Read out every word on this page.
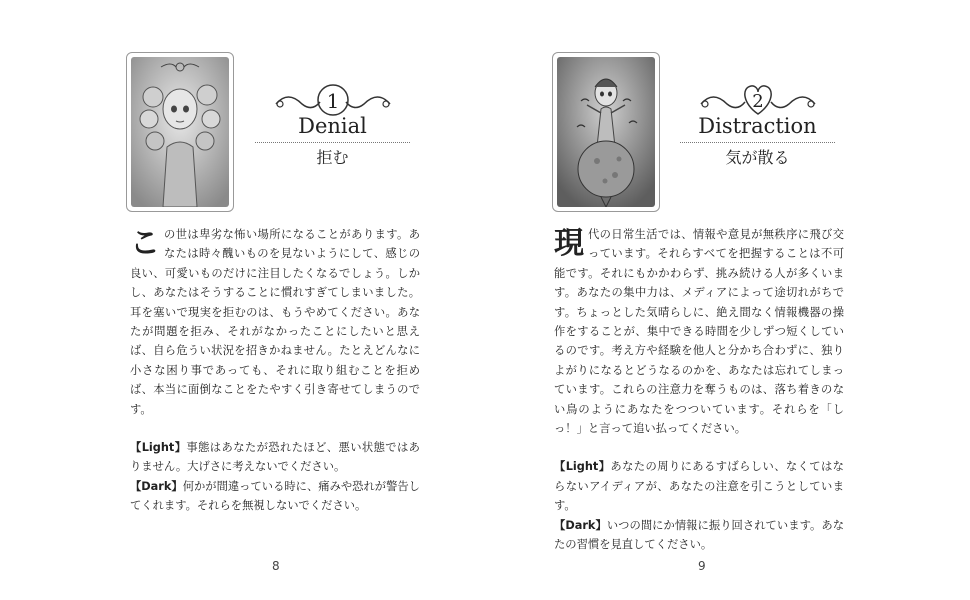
1
Denial
拒む

この世は卑劣な怖い場所になることがあります。あなたは時々醜いものを見ないようにして、感じの良い、可愛いものだけに注目したくなるでしょう。しかし、あなたはそうすることに慣れすぎてしまいました。耳を塞いで現実を拒むのは、もうやめてください。あなたが問題を拒み、それがなかったことにしたいと思えば、自ら危うい状況を招きかねません。たとえどんなに小さな困り事であっても、それに取り組むことを拒めば、本当に面倒なことをたやすく引き寄せてしまうのです。

【Light】事態はあなたが恐れたほど、悪い状態ではありません。大げさに考えないでください。

【Dark】何かが間違っている時に、痛みや恐れが警告してくれます。それらを無視しないでください。

8
2
Distraction
気が散る

現代の日常生活では、情報や意見が無秩序に飛び交っています。それらすべてを把握することは不可能です。それにもかかわらず、挑み続ける人が多くいます。あなたの集中力は、メディアによって途切れがちです。ちょっとした気晴らしに、絶え間なく情報機器の操作をすることが、集中できる時間を少しずつ短くしているのです。考え方や経験を他人と分かち合わずに、独りよがりになるとどうなるのかを、あなたは忘れてしまっています。これらの注意力を奪うものは、落ち着きのない鳥のようにあなたをつついています。それらを「しっ！」と言って追い払ってください。

【Light】あなたの周りにあるすばらしい、なくてはならないアイディアが、あなたの注意を引こうとしています。

【Dark】いつの間にか情報に振り回されています。あなたの習慣を見直してください。

9
